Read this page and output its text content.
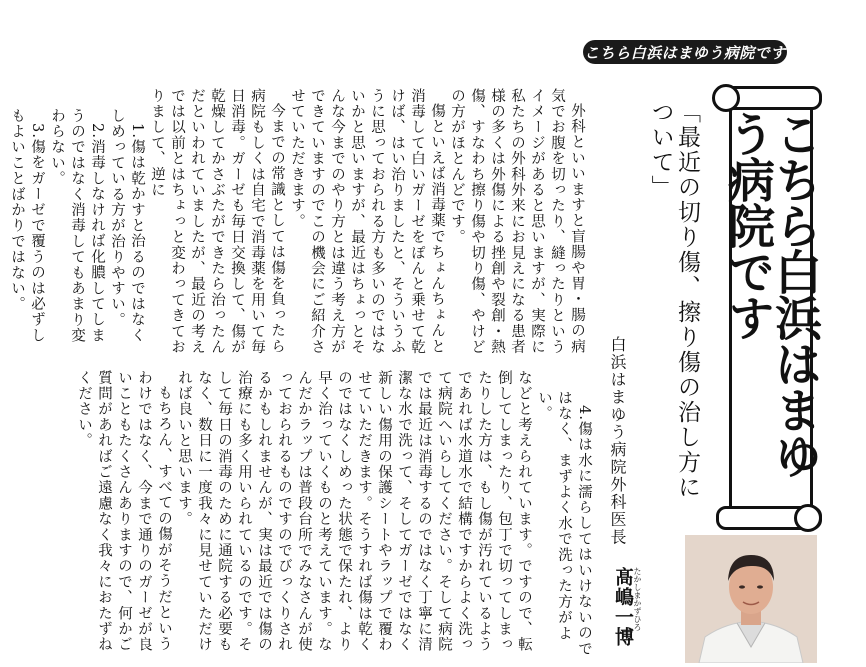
こちら白浜はまゆう病院です
こちら白浜はまゆう病院です

「最近の切り傷、擦り傷の治し方について」

白浜はまゆう病院外科医長

髙嶋一博 たかしまかずひろ

外科といいますと盲腸や胃・腸の病気でお腹を切ったり、縫ったりというイメージがあると思いますが、実際に私たちの外科外来にお見えになる患者様の多くは外傷による挫創や裂創・熱傷、すなわち擦り傷や切り傷、やけどの方がほとんどです。

傷といえば消毒薬でちょんちょんと消毒して白いガーゼをぽんと乗せて乾けば、はい治りましたと、そういうふうに思っておられる方も多いのではないかと思いますが、最近はちょっとそんな今までのやり方とは違う考え方ができていますのでこの機会にご紹介させていただきます。

今までの常識としては傷を負ったら病院もしくは自宅で消毒薬を用いて毎日消毒。ガーゼも毎日交換して、傷が乾燥してかさぶたができたら治ったんだといわれていましたが、最近の考えでは以前とはちょっと変わってきておりまして、逆に

1.傷は乾かすと治るのではなくしめっている方が治りやすい。

2.消毒しなければ化膿してしまうのではなく消毒してもあまり変わらない。

3.傷をガーゼで覆うのは必ずしもよいことばかりではない。

4.傷は水に濡らしてはいけないのではなく、まずよく水で洗った方がよい。

などと考えられています。ですので、転倒してしまったり、包丁で切ってしまったりした方は、もし傷が汚れているようであれば水道水で結構ですからよく洗って病院へいらしてください。そして病院では最近は消毒するのではなく丁寧に清潔な水で洗って、そしてガーゼではなく新しい傷用の保護シートやラップで覆わせていただきます。そうすれば傷は乾くのではなくしめった状態で保たれ、より早く治っていくものと考えています。なんだかラップは普段台所でみなさんが使っておられるものですのでびっくりされるかもしれませんが、実は最近では傷の治療にも多く用いられているのです。そして毎日の消毒のために通院する必要もなく、数日に一度我々に見せていただければ良いと思います。

もちろん、すべての傷がそうだというわけではなく、今まで通りのガーゼが良いこともたくさんありますので、何かご質問があればご遠慮なく我々におたずねください。
